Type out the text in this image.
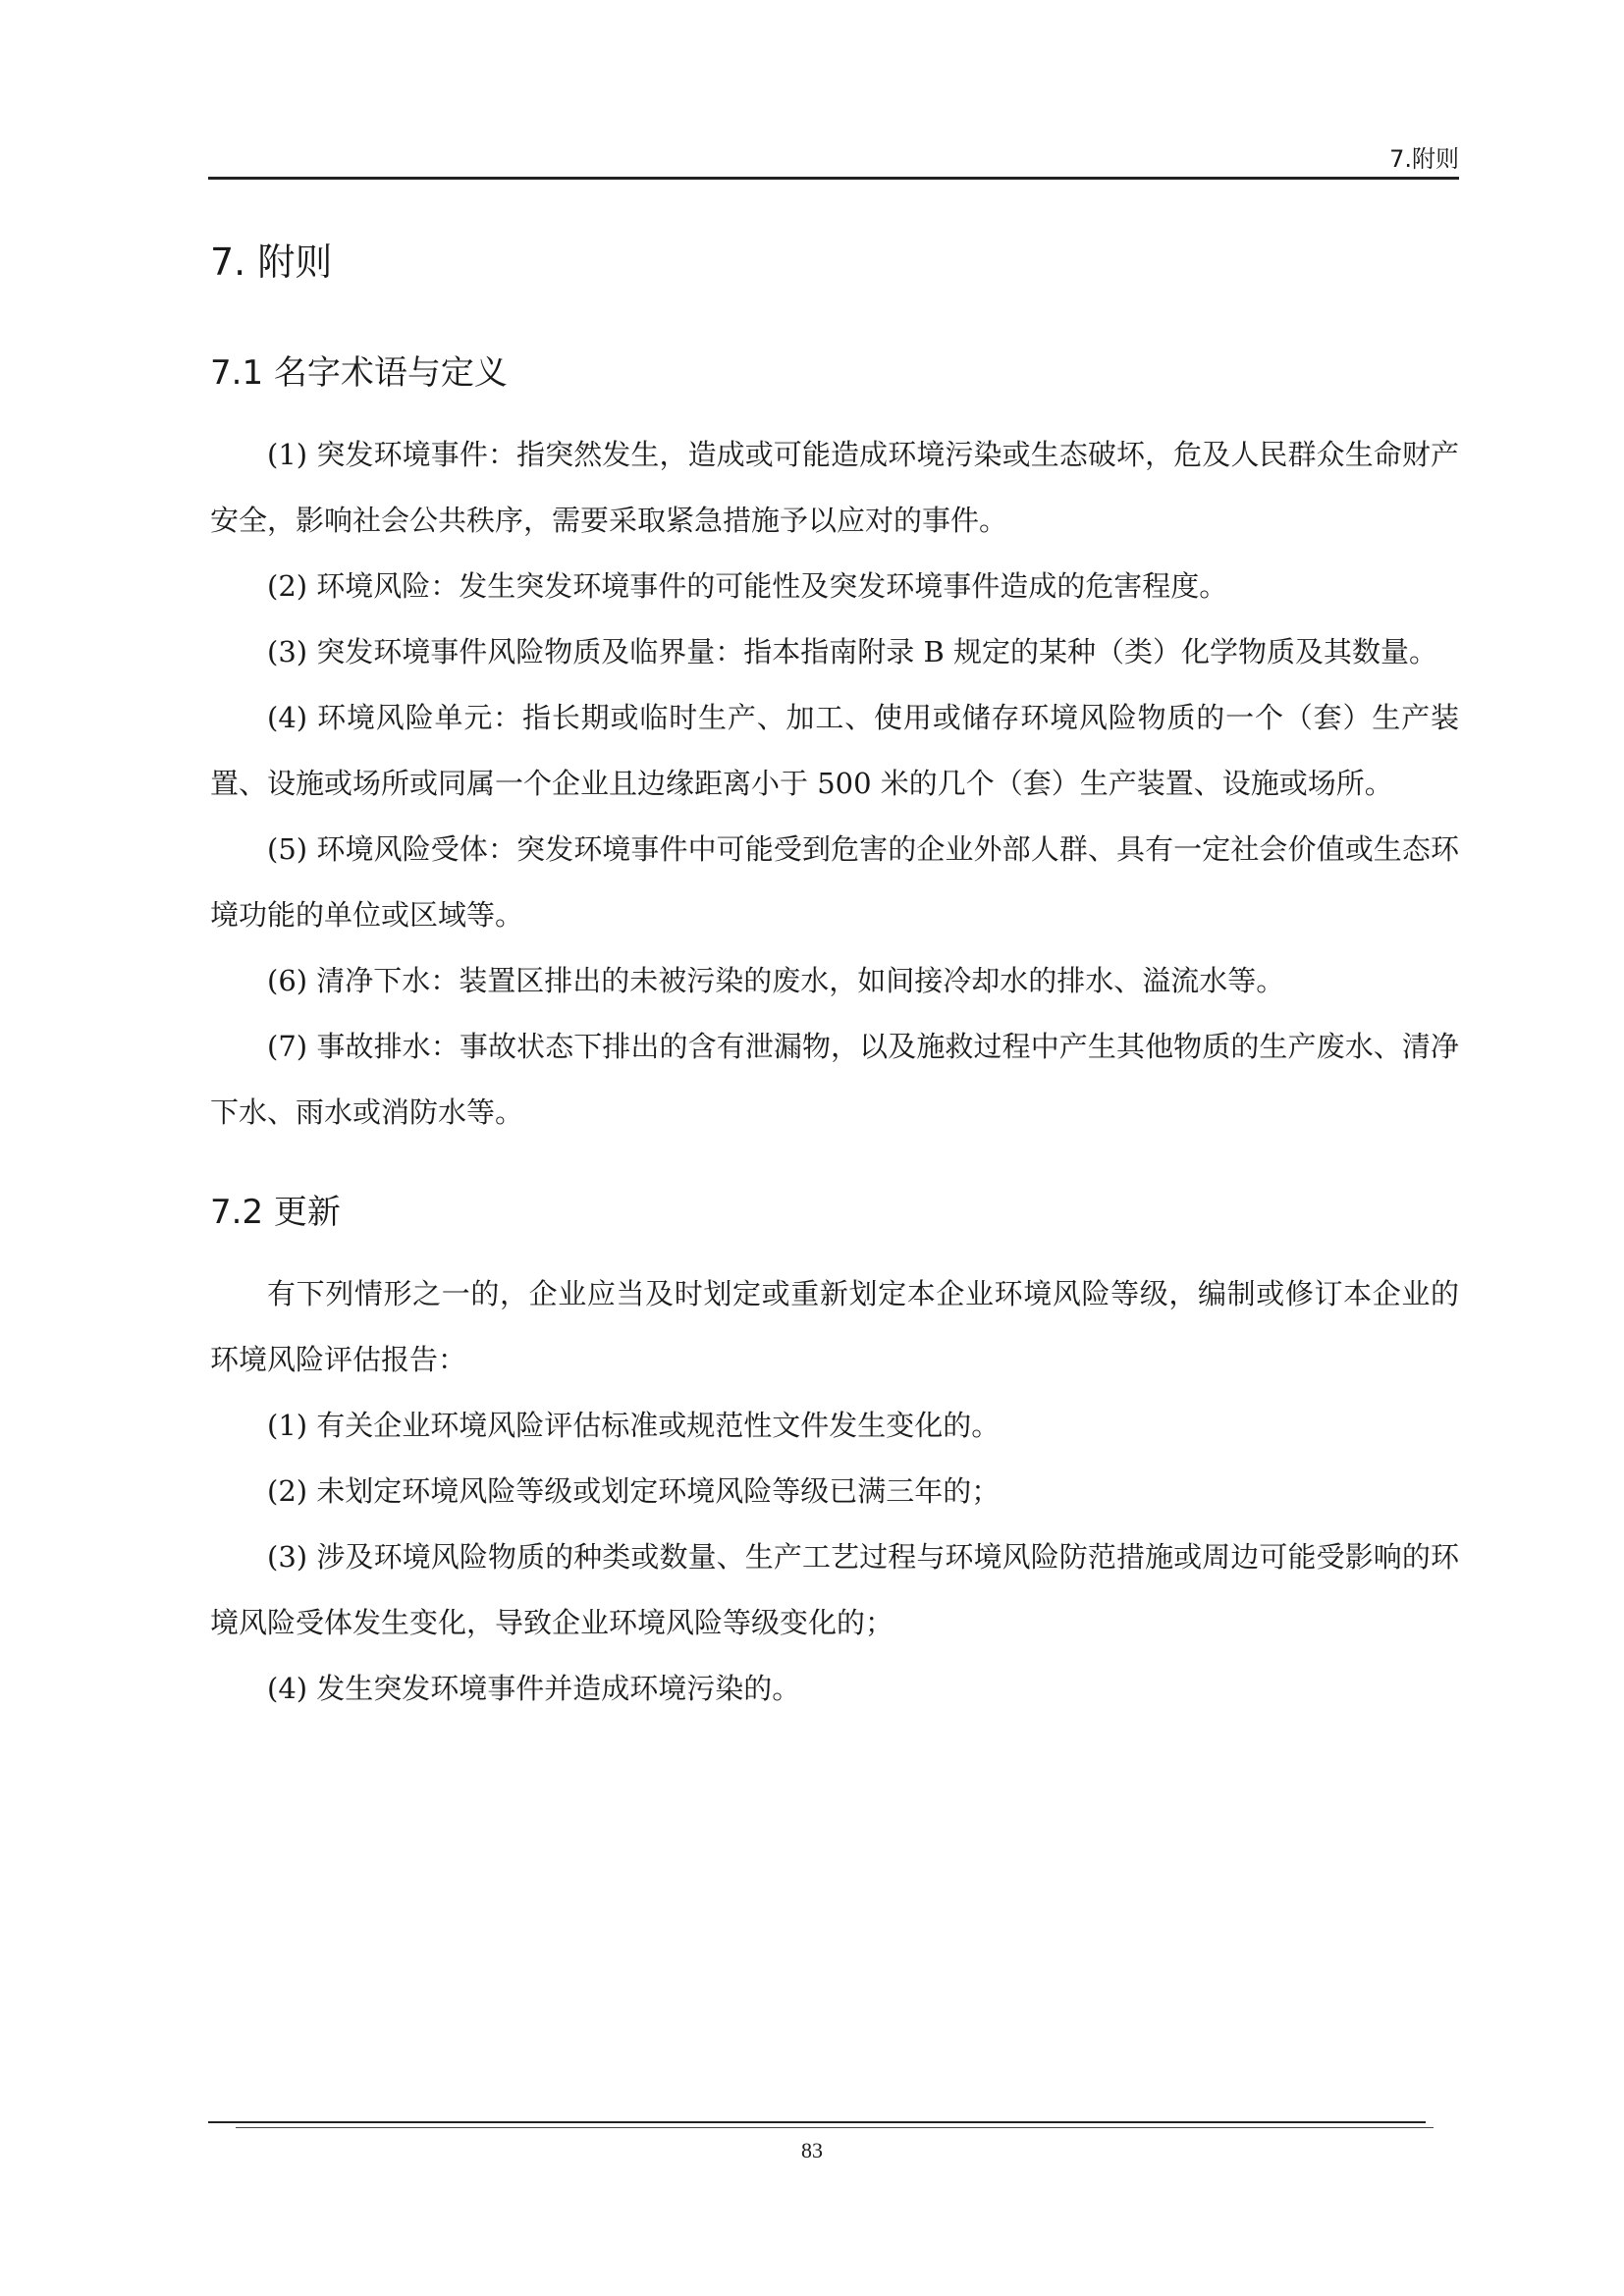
7.附则
7. 附则
7.1 名字术语与定义

(1) 突发环境事件：指突然发生，造成或可能造成环境污染或生态破坏，危及人民群众生命财产安全，影响社会公共秩序，需要采取紧急措施予以应对的事件。

(2) 环境风险：发生突发环境事件的可能性及突发环境事件造成的危害程度。

(3) 突发环境事件风险物质及临界量：指本指南附录 B 规定的某种（类）化学物质及其数量。

(4) 环境风险单元：指长期或临时生产、加工、使用或储存环境风险物质的一个（套）生产装置、设施或场所或同属一个企业且边缘距离小于 500 米的几个（套）生产装置、设施或场所。

(5) 环境风险受体：突发环境事件中可能受到危害的企业外部人群、具有一定社会价值或生态环境功能的单位或区域等。

(6) 清净下水：装置区排出的未被污染的废水，如间接冷却水的排水、溢流水等。

(7) 事故排水：事故状态下排出的含有泄漏物，以及施救过程中产生其他物质的生产废水、清净下水、雨水或消防水等。

7.2 更新

有下列情形之一的，企业应当及时划定或重新划定本企业环境风险等级，编制或修订本企业的环境风险评估报告：

(1) 有关企业环境风险评估标准或规范性文件发生变化的。

(2) 未划定环境风险等级或划定环境风险等级已满三年的；

(3) 涉及环境风险物质的种类或数量、生产工艺过程与环境风险防范措施或周边可能受影响的环境风险受体发生变化，导致企业环境风险等级变化的；

(4) 发生突发环境事件并造成环境污染的。

83
